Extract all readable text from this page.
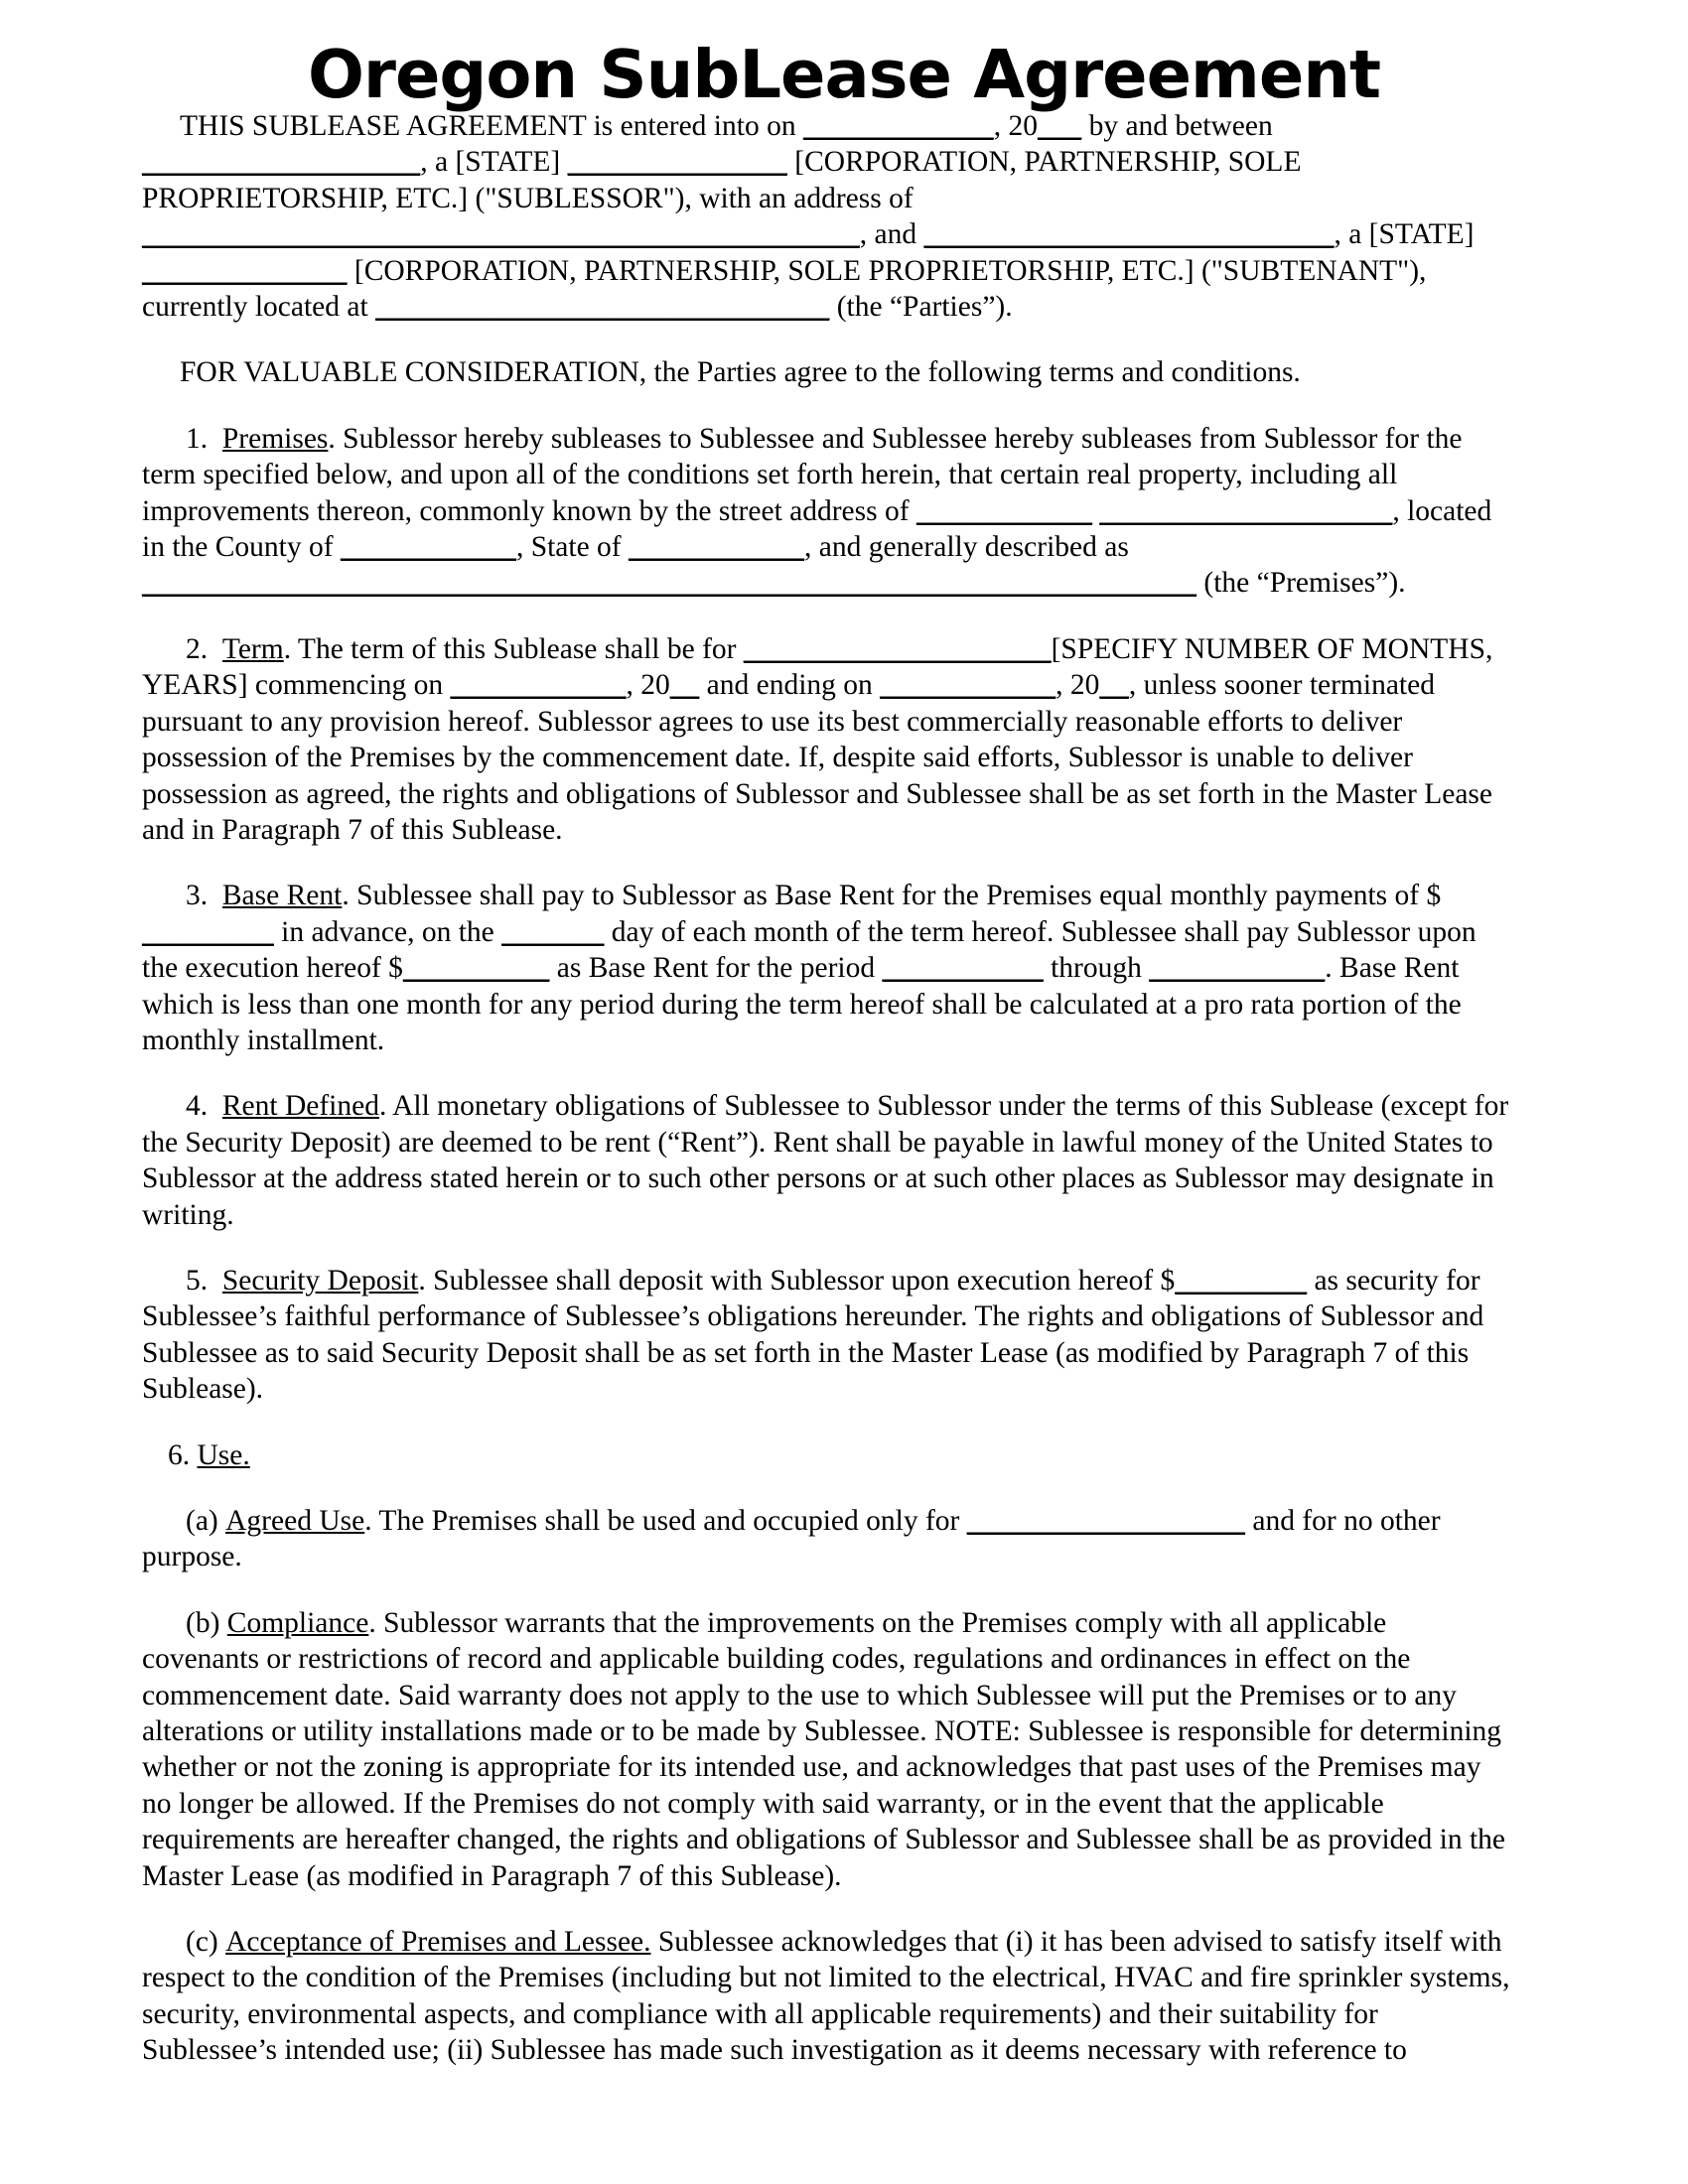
Oregon SubLease Agreement

THIS SUBLEASE AGREEMENT is entered into on _____________, 20___ by and between
___________________, a [STATE] _______________ [CORPORATION, PARTNERSHIP, SOLE
PROPRIETORSHIP, ETC.] ("SUBLESSOR"), with an address of
_________________________________________________, and ____________________________, a [STATE]
______________ [CORPORATION, PARTNERSHIP, SOLE PROPRIETORSHIP, ETC.] ("SUBTENANT"),
currently located at _______________________________ (the “Parties”).

FOR VALUABLE CONSIDERATION, the Parties agree to the following terms and conditions.

1. Premises. Sublessor hereby subleases to Sublessee and Sublessee hereby subleases from Sublessor for the term specified below, and upon all of the conditions set forth herein, that certain real property, including all improvements thereon, commonly known by the street address of ____________ ____________________, located in the County of ____________, State of ____________, and generally described as
________________________________________________________________________ (the “Premises”).

2. Term. The term of this Sublease shall be for _____________________[SPECIFY NUMBER OF MONTHS, YEARS] commencing on ____________, 20__ and ending on ____________, 20__, unless sooner terminated pursuant to any provision hereof. Sublessor agrees to use its best commercially reasonable efforts to deliver possession of the Premises by the commencement date. If, despite said efforts, Sublessor is unable to deliver possession as agreed, the rights and obligations of Sublessor and Sublessee shall be as set forth in the Master Lease and in Paragraph 7 of this Sublease.

3. Base Rent. Sublessee shall pay to Sublessor as Base Rent for the Premises equal monthly payments of $
_________ in advance, on the _______ day of each month of the term hereof. Sublessee shall pay Sublessor upon the execution hereof $__________ as Base Rent for the period ___________ through ____________. Base Rent which is less than one month for any period during the term hereof shall be calculated at a pro rata portion of the monthly installment.

4. Rent Defined. All monetary obligations of Sublessee to Sublessor under the terms of this Sublease (except for the Security Deposit) are deemed to be rent (“Rent”). Rent shall be payable in lawful money of the United States to Sublessor at the address stated herein or to such other persons or at such other places as Sublessor may designate in writing.

5. Security Deposit. Sublessee shall deposit with Sublessor upon execution hereof $_________ as security for Sublessee’s faithful performance of Sublessee’s obligations hereunder. The rights and obligations of Sublessor and Sublessee as to said Security Deposit shall be as set forth in the Master Lease (as modified by Paragraph 7 of this Sublease).

6. Use.

(a) Agreed Use. The Premises shall be used and occupied only for ___________________ and for no other purpose.

(b) Compliance. Sublessor warrants that the improvements on the Premises comply with all applicable covenants or restrictions of record and applicable building codes, regulations and ordinances in effect on the commencement date. Said warranty does not apply to the use to which Sublessee will put the Premises or to any alterations or utility installations made or to be made by Sublessee. NOTE: Sublessee is responsible for determining whether or not the zoning is appropriate for its intended use, and acknowledges that past uses of the Premises may no longer be allowed. If the Premises do not comply with said warranty, or in the event that the applicable requirements are hereafter changed, the rights and obligations of Sublessor and Sublessee shall be as provided in the Master Lease (as modified in Paragraph 7 of this Sublease).

(c) Acceptance of Premises and Lessee. Sublessee acknowledges that (i) it has been advised to satisfy itself with respect to the condition of the Premises (including but not limited to the electrical, HVAC and fire sprinkler systems, security, environmental aspects, and compliance with all applicable requirements) and their suitability for Sublessee’s intended use; (ii) Sublessee has made such investigation as it deems necessary with reference to
